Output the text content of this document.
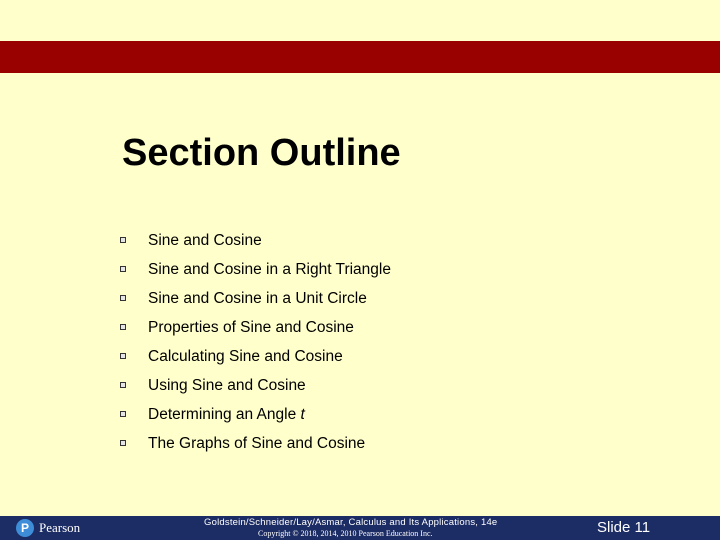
Section Outline
Sine and Cosine
Sine and Cosine in a Right Triangle
Sine and Cosine in a Unit Circle
Properties of Sine and Cosine
Calculating Sine and Cosine
Using Sine and Cosine
Determining an Angle t
The Graphs of Sine and Cosine
P Pearson	Goldstein/Schneider/Lay/Asmar, Calculus and Its Applications, 14e
Copyright © 2018, 2014, 2010 Pearson Education Inc.	Slide 11
